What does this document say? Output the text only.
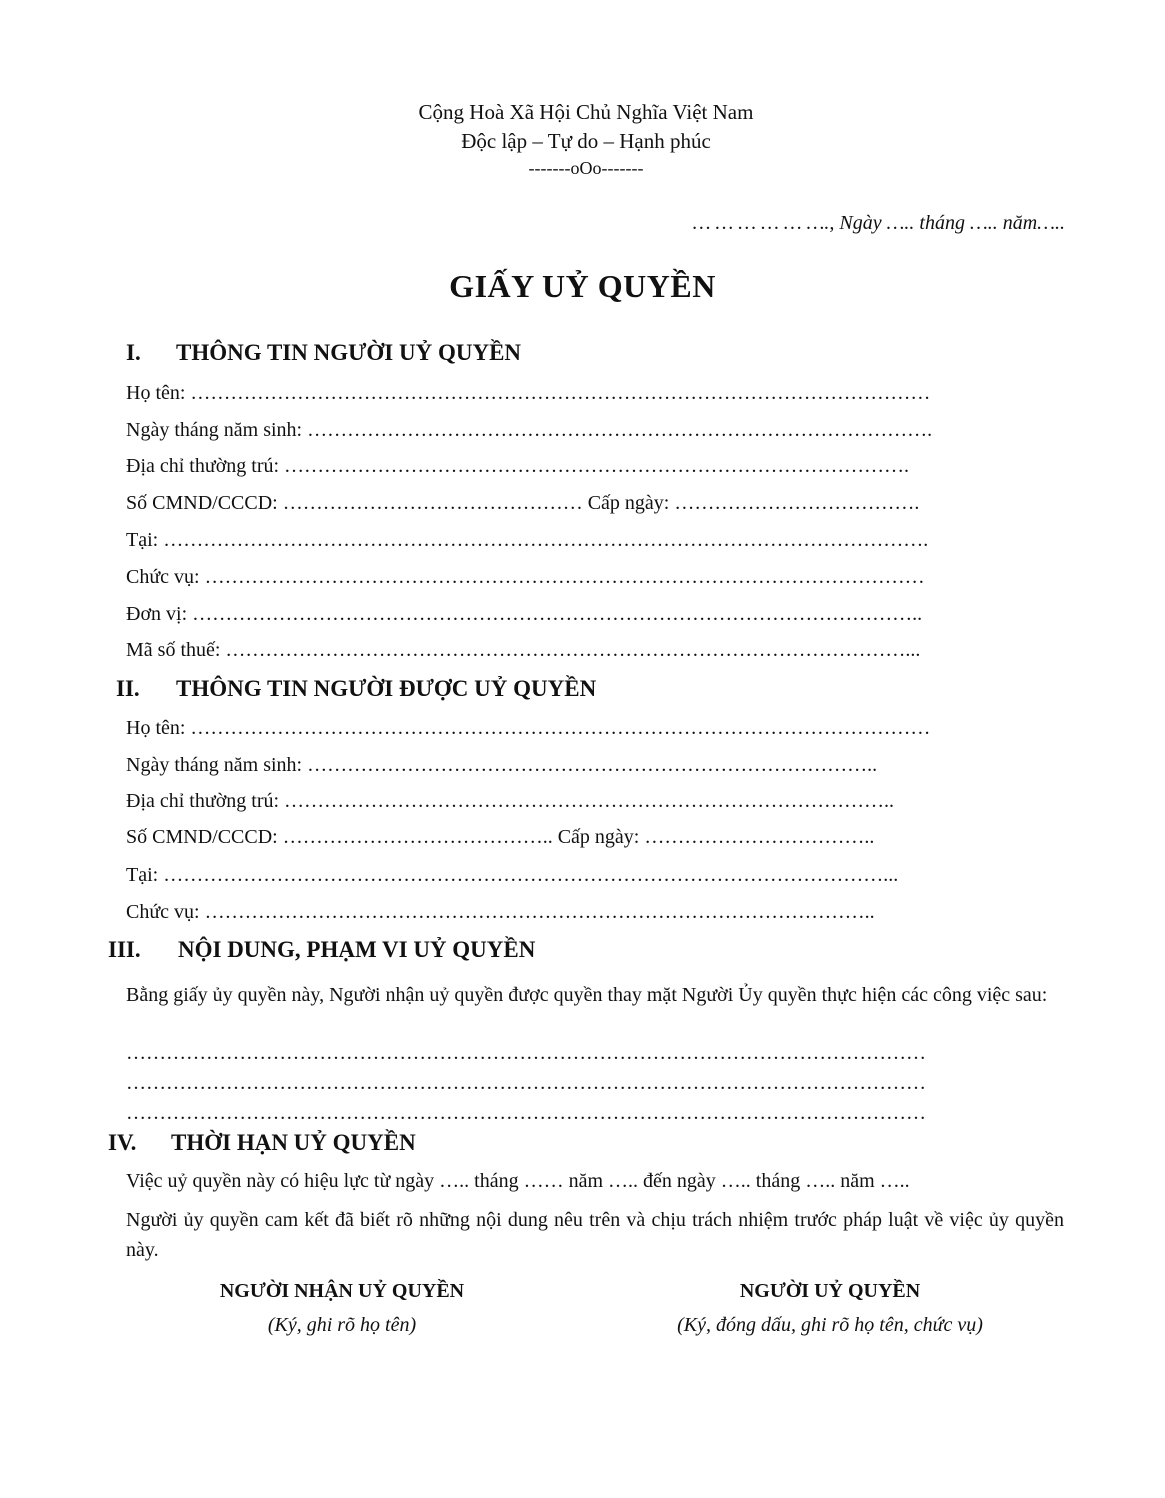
Cộng Hoà Xã Hội Chủ Nghĩa Việt Nam
Độc lập – Tự do – Hạnh phúc
-------oOo-------
… … … … … …., Ngày ….. tháng ….. năm…..
GIẤY UỶ QUYỀN
I. THÔNG TIN NGƯỜI UỶ QUYỀN
Họ tên: …………………………………………………………………………………………………
Ngày tháng năm sinh: ………………………………………………………………………………….
Địa chỉ thường trú: ………………………………………………………………………………….
Số CMND/CCCD: ……………………………………… Cấp ngày: ……………………………….
Tại: …………………………………………………………………………………………………….
Chức vụ: ………………………………………………………………………………………………
Đơn vị: ………………………………………………………………………………………………..
Mã số thuế: …………………………………………………………………………………………...
II. THÔNG TIN NGƯỜI ĐƯỢC UỶ QUYỀN
Họ tên: …………………………………………………………………………………………………
Ngày tháng năm sinh: …………………………………………………………………………..
Địa chỉ thường trú: ………………………………………………………………………………..
Số CMND/CCCD: ………………………………….. Cấp ngày: ……………………………..
Tại: ………………………………………………………………………………………………...
Chức vụ: ………………………………………………………………………………………..
III. NỘI DUNG, PHẠM VI UỶ QUYỀN
Bằng giấy ủy quyền này, Người nhận uỷ quyền được quyền thay mặt Người Ủy quyền thực hiện các công việc sau:
…………………………………………………………………………………………………………
…………………………………………………………………………………………………………
…………………………………………………………………………………………………………
IV. THỜI HẠN UỶ QUYỀN
Việc uỷ quyền này có hiệu lực từ ngày ….. tháng …… năm ….. đến ngày ….. tháng ….. năm …..
Người ủy quyền cam kết đã biết rõ những nội dung nêu trên và chịu trách nhiệm trước pháp luật về việc ủy quyền này.
NGƯỜI NHẬN UỶ QUYỀN
(Ký, ghi rõ họ tên)
NGƯỜI UỶ QUYỀN
(Ký, đóng dấu, ghi rõ họ tên, chức vụ)
